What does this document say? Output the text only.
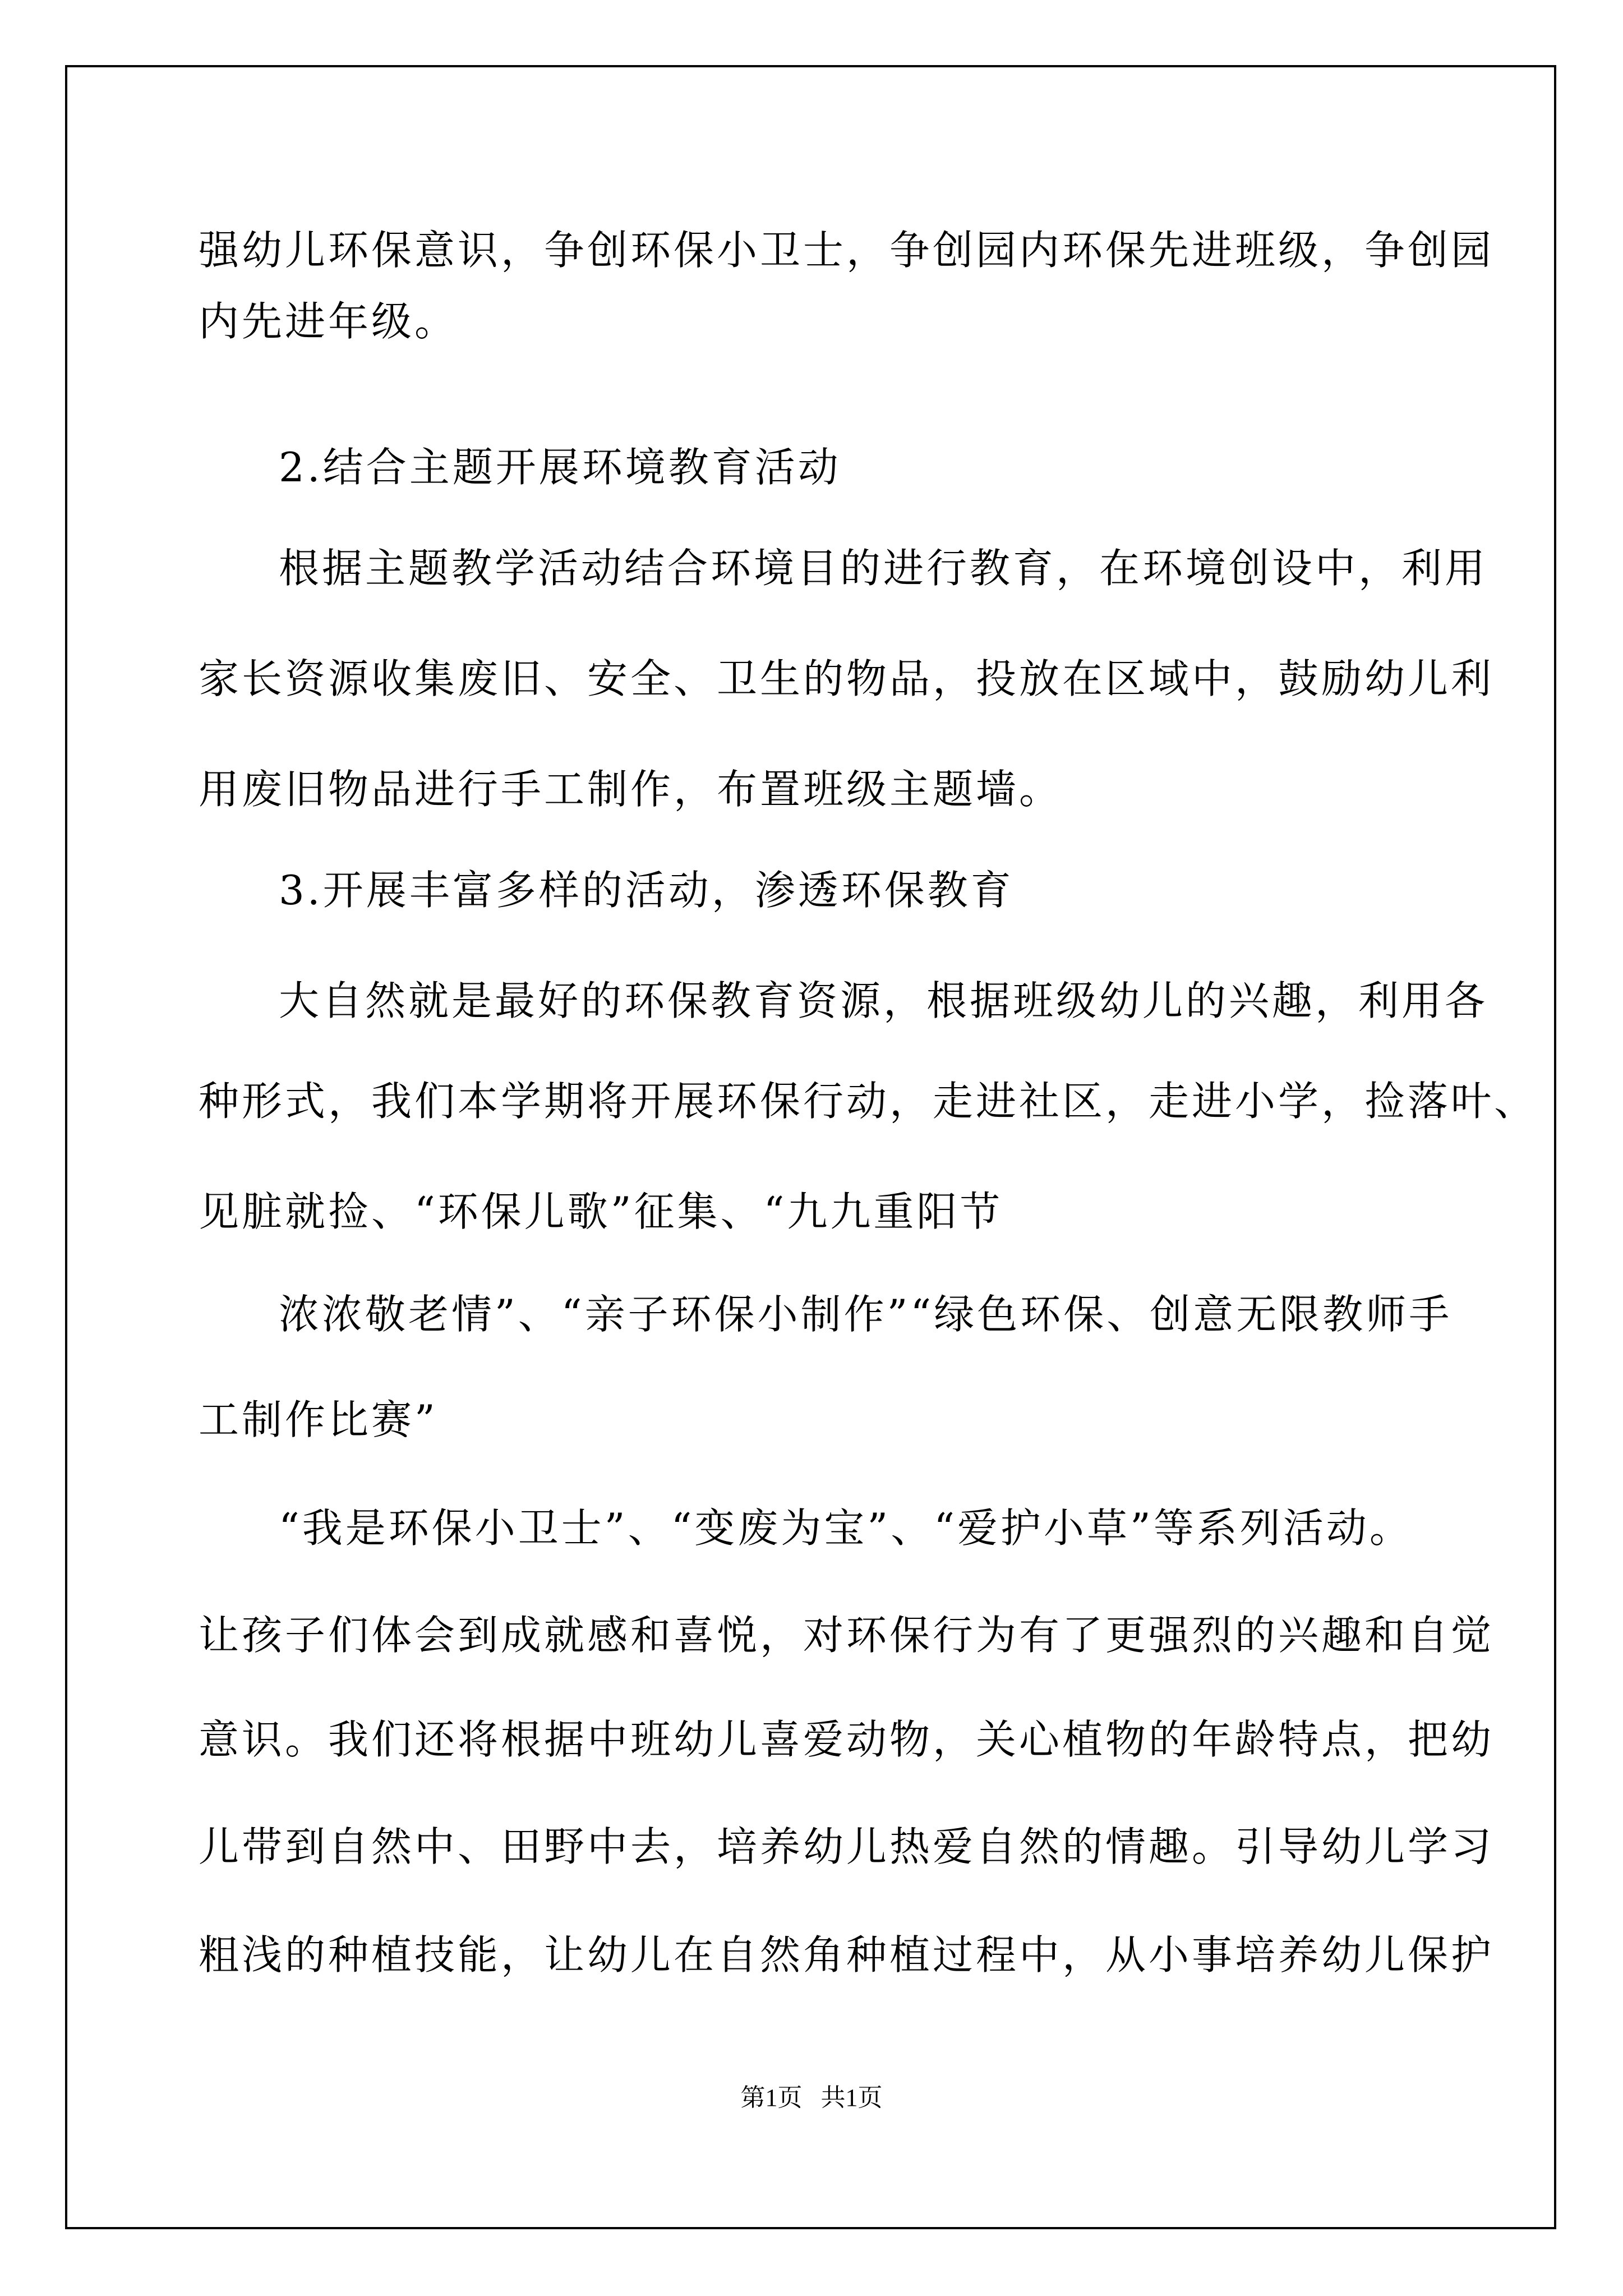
强幼儿环保意识，争创环保小卫士，争创园内环保先进班级，争创园
内先进年级。
2.结合主题开展环境教育活动
根据主题教学活动结合环境目的进行教育，在环境创设中，利用
家长资源收集废旧、安全、卫生的物品，投放在区域中，鼓励幼儿利
用废旧物品进行手工制作，布置班级主题墙。
3.开展丰富多样的活动，渗透环保教育
大自然就是最好的环保教育资源，根据班级幼儿的兴趣，利用各
种形式，我们本学期将开展环保行动，走进社区，走进小学，捡落叶、
见脏就捡、“环保儿歌”征集、“九九重阳节
浓浓敬老情”、“亲子环保小制作”“绿色环保、创意无限教师手
工制作比赛”
“我是环保小卫士”、“变废为宝”、“爱护小草”等系列活动。
让孩子们体会到成就感和喜悦，对环保行为有了更强烈的兴趣和自觉
意识。我们还将根据中班幼儿喜爱动物，关心植物的年龄特点，把幼
儿带到自然中、田野中去，培养幼儿热爱自然的情趣。引导幼儿学习
粗浅的种植技能，让幼儿在自然角种植过程中，从小事培养幼儿保护
第1页   共1页
